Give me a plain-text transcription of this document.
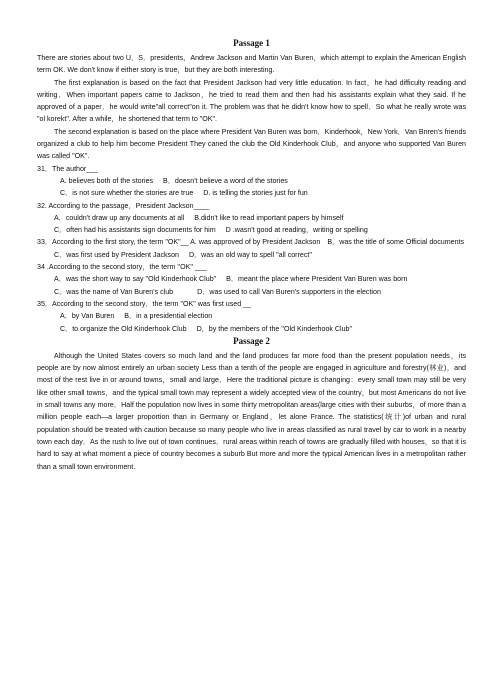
Passage 1

There are stories about two U．S．presidents，Andrew Jackson and Martin Van Buren，which attempt to explain the American English term OK. We don't know if either story is true，but they are both interesting.

The first explanation is based on the fact that President Jackson had very little education. In fact，he had difficulty reading and writing．When important papers came to Jackson，he tried to read them and then had his assistants explain what they said. If he approved of a paper．he would write"all correct"on it. The problem was that he didn't know how to spell．So what he really wrote was "ol korekt". After a while，he shortened that term to "OK".

The second explanation is based on the place where President Van Buren was born．Kinderhook，New York．Van Bnren's friends organized a club to help him become President They caned the club the Old Kinderhook Club，and anyone who supported Van Buren was called "OK".

31．The author___
A. believes both of the stories B．doesn't believe a word of the stories
C．is not sure whether the stories are true D. is telling the stories just for fun
32. According to the passage，President Jackson____
A．couldn't draw up any documents at all B.didn't like to read important papers by himself
C．often had his assistants sign documents for him D .wasn't good at reading，writing or spelling
33．According to the first story, the term "OK"__ A. was approved of by President Jackson　B．was the title of some Official documents
C．was first used by President Jackson D．was an old way to spell "all correct''
34 .According to the second story，the term ''OK'' ___
A．was the short way to say ''Old Kinderhook Club" B．meant the place where President Van Buren was born
C．was the name of Van Buren's club	D．was used to call Van Buren's supporters in the election
35．According to the second story．the term "OK" was first used __
A．by Van Buren B．in a presidential election
C．to organize the Old Kinderhook Club D．by the members of the ''Old Kinderhook Club"
Passage 2

Although the United States covers so much land and the land produces far more food than the present population needs，its people are by now almost entirely an urban society Less than a tenth of the people are engaged in agriculture and forestry(林业)，and most of the rest live in or around towns，small and large．Here the traditional picture is changing：every small town may still be very like other small towns，and the typical small town may represent a widely accepted view of the country，but most Americans do not live in small towns any more．Half the population now lives in some thirty metropolitan areas(large cities with their suburbs，of more than a million people each—a larger proportion than in Germany or England，let alone France. The statistics(统计)of urban and rural population should be treated with caution because so many people who live in areas classified as rural travel by car to work in a nearby town each day．As the rush to live out of town continues．rural areas within reach of towns are gradually filled with houses，so that it is hard to say at what moment a piece of country becomes a suburb But more and more the typical American lives in a metropolitan rather than a small town environment.
